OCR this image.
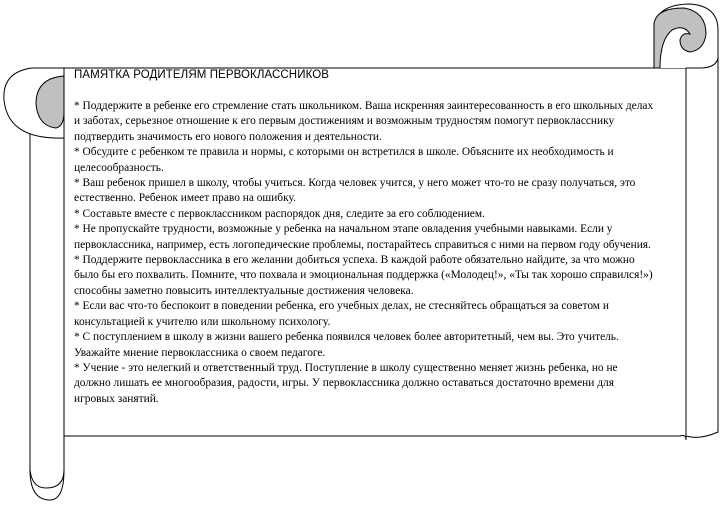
ПАМЯТКА РОДИТЕЛЯМ ПЕРВОКЛАССНИКОВ
* Поддержите в ребенке его стремление стать школьником. Ваша искренняя заинтересованность в его школьных делах и заботах, серьезное отношение к его первым достижениям и возможным трудностям помогут первокласснику подтвердить значимость его нового положения и деятельности.
* Обсудите с ребенком те правила и нормы, с которыми он встретился в школе. Объясните их необходимость и целесообразность.
* Ваш ребенок пришел в школу, чтобы учиться. Когда человек учится, у него может что-то не сразу получаться, это естественно. Ребенок имеет право на ошибку.
* Составьте вместе с первоклассником распорядок дня, следите за его соблюдением.
* Не пропускайте трудности, возможные у ребенка на начальном этапе овладения учебными навыками. Если у первоклассника, например, есть логопедические проблемы, постарайтесь справиться с ними на первом году обучения.
* Поддержите первоклассника в его желании добиться успеха. В каждой работе обязательно найдите, за что можно было бы его похвалить. Помните, что похвала и эмоциональная поддержка («Молодец!», «Ты так хорошо справился!») способны заметно повысить интеллектуальные достижения человека.
* Если вас что-то беспокоит в поведении ребенка, его учебных делах, не стесняйтесь обращаться за советом и консультацией к учителю или школьному психологу.
* С поступлением в школу в жизни вашего ребенка появился человек более авторитетный, чем вы. Это учитель. Уважайте мнение первоклассника о своем педагоге.
* Учение - это нелегкий и ответственный труд. Поступление в школу существенно меняет жизнь ребенка, но не должно лишать ее многообразия, радости, игры. У первоклассника должно оставаться достаточно времени для игровых занятий.
